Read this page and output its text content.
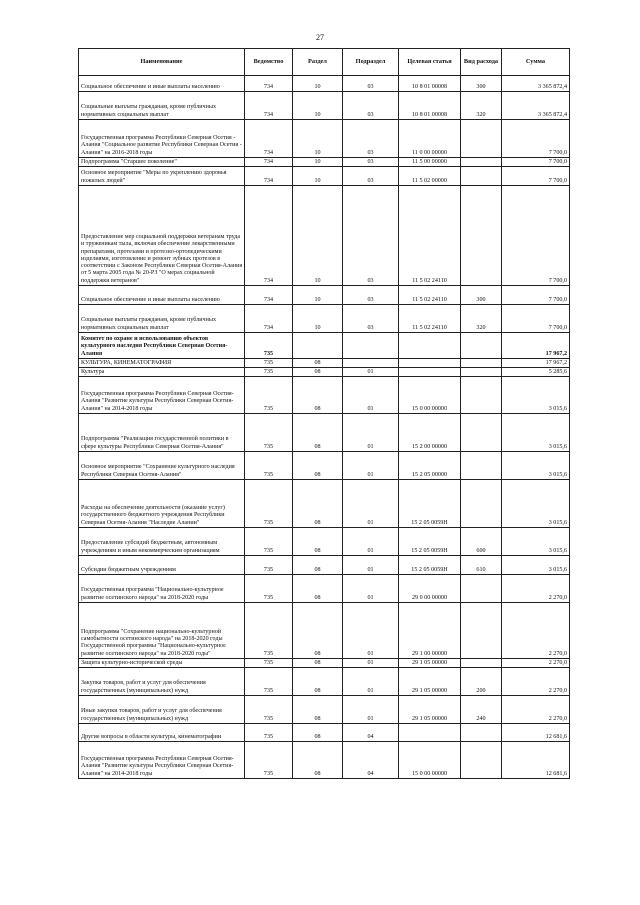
27
Наименование	Ведомство	Раздел	Подраздел	Целевая статья	Вид расхода	Сумма
Социальное обеспечение и иные выплаты населению	734	10	03	10 8 01 00008	300	3 365 872,4
Социальные выплаты гражданам, кроме публичных нормативных социальных выплат	734	10	03	10 8 01 00008	320	3 365 872,4
Государственная программа Республики Северная Осетия - Алания "Социальное развитие Республики Северная Осетия - Алания" на 2016-2018 годы	734	10	03	11 0 00 00000		7 700,0
Подпрограмма "Старшее поколение"	734	10	03	11 5 00 00000		7 700,0
Основное мероприятие "Меры по укреплению здоровья пожилых людей"	734	10	03	11 5 02 00000		7 700,0
Предоставление мер социальной поддержки ветеранам труда и труженикам тыла, включая обеспечение лекарственными препаратами, протезами и протезно-ортопедическими изделиями, изготовление и ремонт зубных протезов в соответствии с Законом Республики Северная Осетия-Алания от 5 марта 2005 года № 20-РЗ "О мерах социальной поддержки ветеранов"	734	10	03	11 5 02 24110		7 700,0
Социальное обеспечение и иные выплаты населению	734	10	03	11 5 02 24110	300	7 700,0
Социальные выплаты гражданам, кроме публичных нормативных социальных выплат	734	10	03	11 5 02 24110	320	7 700,0
Комитет по охране и использованию объектов культурного наследия Республики Северная Осетия-Алания	735					17 967,2
КУЛЬТУРА, КИНЕМАТОГРАФИЯ	735	08				17 967,2
Культура	735	08	01			5 285,6
Государственная программа Республики Северная Осетия-Алания "Развитие культуры Республики Северная Осетия-Алания" на 2014-2018 годы	735	08	01	15 0 00 00000		3 015,6
Подпрограмма "Реализация государственной политики в сфере культуры Республики Северная Осетия-Алания"	735	08	01	15 2 00 00000		3 015,6
Основное мероприятие "Сохранение культурного наследия Республики Северная Осетия-Алания"	735	08	01	15 2 05 00000		3 015,6
Расходы на обеспечение деятельности (оказание услуг) государственного бюджетного учреждения Республики Северная Осетия-Алания "Наследие Алании"	735	08	01	15 2 05 0059Н		3 015,6
Предоставление субсидий бюджетным, автономным учреждениям и иным некоммерческим организациям	735	08	01	15 2 05 0059Н	600	3 015,6
Субсидии бюджетным учреждениям	735	08	01	15 2 05 0059Н	610	3 015,6
Государственная программа "Национально-культурное развитие осетинского народа" на 2018-2020 годы	735	08	01	29 0 00 00000		2 270,0
Подпрограмма "Сохранение национально-культурной самобытности осетинского народа" на 2018-2020 годы Государственной программы "Национально-культурное развитие осетинского народа" на 2018-2020 годы"	735	08	01	29 1 00 00000		2 270,0
Защита культурно-исторической среды	735	08	01	29 1 05 00000		2 270,0
Закупка товаров, работ и услуг для обеспечения государственных (муниципальных) нужд	735	08	01	29 1 05 00000	200	2 270,0
Иные закупки товаров, работ и услуг для обеспечения государственных (муниципальных) нужд	735	08	01	29 1 05 00000	240	2 270,0
Другие вопросы в области культуры, кинематографии	735	08	04			12 681,6
Государственная программа Республики Северная Осетия-Алания "Развитие культуры Республики Северная Осетия-Алания" на 2014-2018 годы	735	08	04	15 0 00 00000		12 681,6
